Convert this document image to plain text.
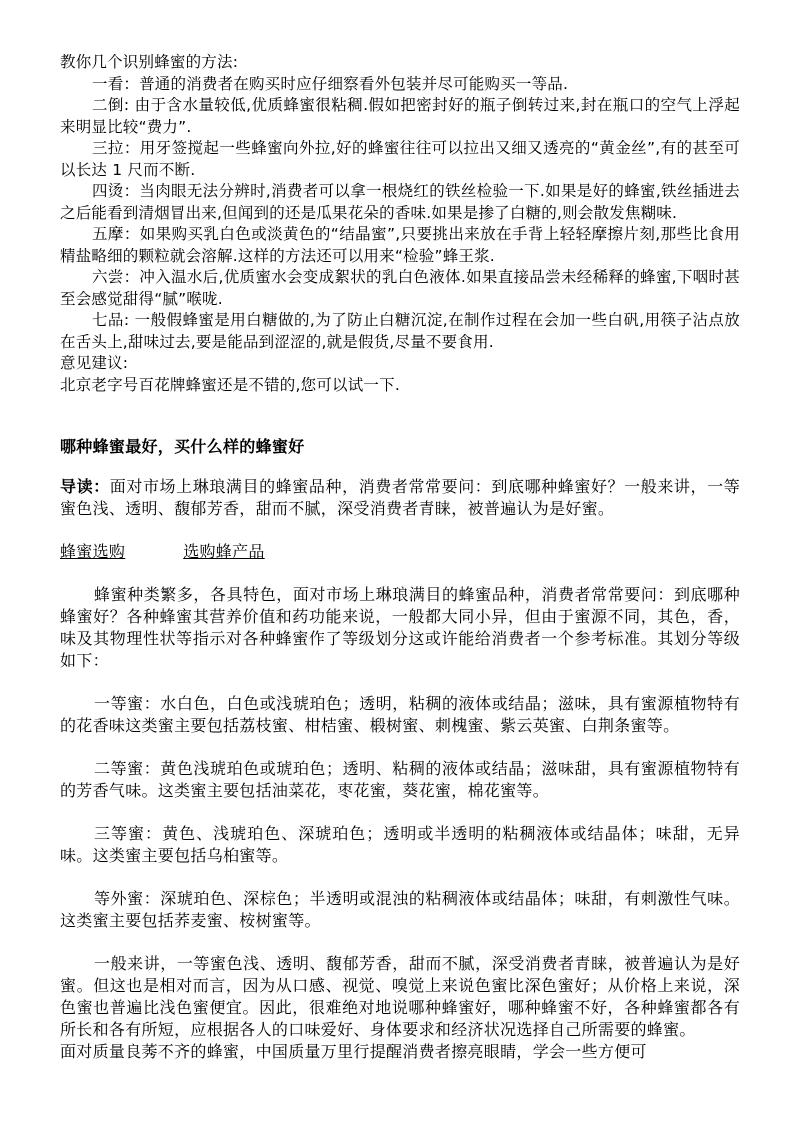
教你几个识别蜂蜜的方法:

一看：普通的消费者在购买时应仔细察看外包装并尽可能购买一等品.

二倒: 由于含水量较低,优质蜂蜜很粘稠.假如把密封好的瓶子倒转过来,封在瓶口的空气上浮起来明显比较“费力”.

三拉：用牙签搅起一些蜂蜜向外拉,好的蜂蜜往往可以拉出又细又透亮的“黄金丝”,有的甚至可以长达 1 尺而不断.

四烫：当肉眼无法分辨时,消费者可以拿一根烧红的铁丝检验一下.如果是好的蜂蜜,铁丝插进去之后能看到清烟冒出来,但闻到的还是瓜果花朵的香味.如果是掺了白糖的,则会散发焦糊味.

五摩：如果购买乳白色或淡黄色的“结晶蜜”,只要挑出来放在手背上轻轻摩擦片刻,那些比食用精盐略细的颗粒就会溶解.这样的方法还可以用来“检验”蜂王浆.

六尝：冲入温水后,优质蜜水会变成絮状的乳白色液体.如果直接品尝未经稀释的蜂蜜,下咽时甚至会感觉甜得“腻”喉咙.

七品: 一般假蜂蜜是用白糖做的,为了防止白糖沉淀,在制作过程在会加一些白矾,用筷子沾点放在舌头上,甜味过去,要是能品到涩涩的,就是假货,尽量不要食用.

意见建议:

北京老字号百花牌蜂蜜还是不错的,您可以试一下.

哪种蜂蜜最好，买什么样的蜂蜜好

导读：面对市场上琳琅满目的蜂蜜品种，消费者常常要问：到底哪种蜂蜜好？一般来讲，一等蜜色浅、透明、馥郁芳香，甜而不腻，深受消费者青睐，被普遍认为是好蜜。

蜂蜜选购	选购蜂产品

蜂蜜种类繁多，各具特色，面对市场上琳琅满目的蜂蜜品种，消费者常常要问：到底哪种蜂蜜好？各种蜂蜜其营养价值和药功能来说，一般都大同小异，但由于蜜源不同，其色，香，味及其物理性状等指示对各种蜂蜜作了等级划分这或许能给消费者一个参考标准。其划分等级如下：

一等蜜：水白色，白色或浅琥珀色；透明，粘稠的液体或结晶；滋味，具有蜜源植物特有的花香味这类蜜主要包括荔枝蜜、柑桔蜜、椴树蜜、刺槐蜜、紫云英蜜、白荆条蜜等。

二等蜜：黄色浅琥珀色或琥珀色；透明、粘稠的液体或结晶；滋味甜，具有蜜源植物特有的芳香气味。这类蜜主要包括油菜花，枣花蜜，葵花蜜，棉花蜜等。

三等蜜：黄色、浅琥珀色、深琥珀色；透明或半透明的粘稠液体或结晶体；味甜，无异味。这类蜜主要包括乌桕蜜等。

等外蜜：深琥珀色、深棕色；半透明或混浊的粘稠液体或结晶体；味甜，有刺激性气味。这类蜜主要包括荞麦蜜、桉树蜜等。

一般来讲，一等蜜色浅、透明、馥郁芳香，甜而不腻，深受消费者青睐，被普遍认为是好蜜。但这也是相对而言，因为从口感、视觉、嗅觉上来说色蜜比深色蜜好；从价格上来说，深色蜜也普遍比浅色蜜便宜。因此，很难绝对地说哪种蜂蜜好，哪种蜂蜜不好，各种蜂蜜都各有所长和各有所短，应根据各人的口味爱好、身体要求和经济状况选择自己所需要的蜂蜜。

面对质量良莠不齐的蜂蜜，中国质量万里行提醒消费者擦亮眼睛，学会一些方便可
